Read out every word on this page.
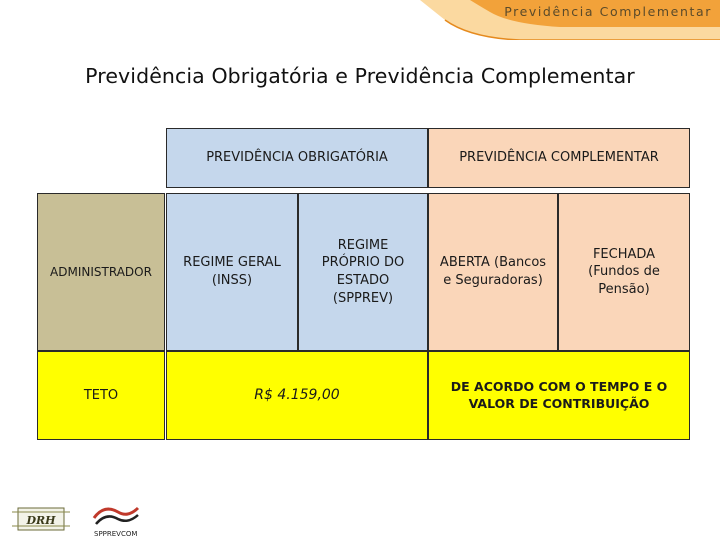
Previdência Complementar
Previdência Obrigatória e Previdência Complementar
PREVIDÊNCIA OBRIGATÓRIA	PREVIDÊNCIA COMPLEMENTAR
ADMINISTRADOR
REGIME GERAL (INSS)
REGIME PRÓPRIO DO ESTADO (SPPREV)
ABERTA (Bancos e Seguradoras)
FECHADA (Fundos de Pensão)
TETO	R$ 4.159,00
DE ACORDO COM O TEMPO E O VALOR DE CONTRIBUIÇÃO
DRH
SPPREVCOM
